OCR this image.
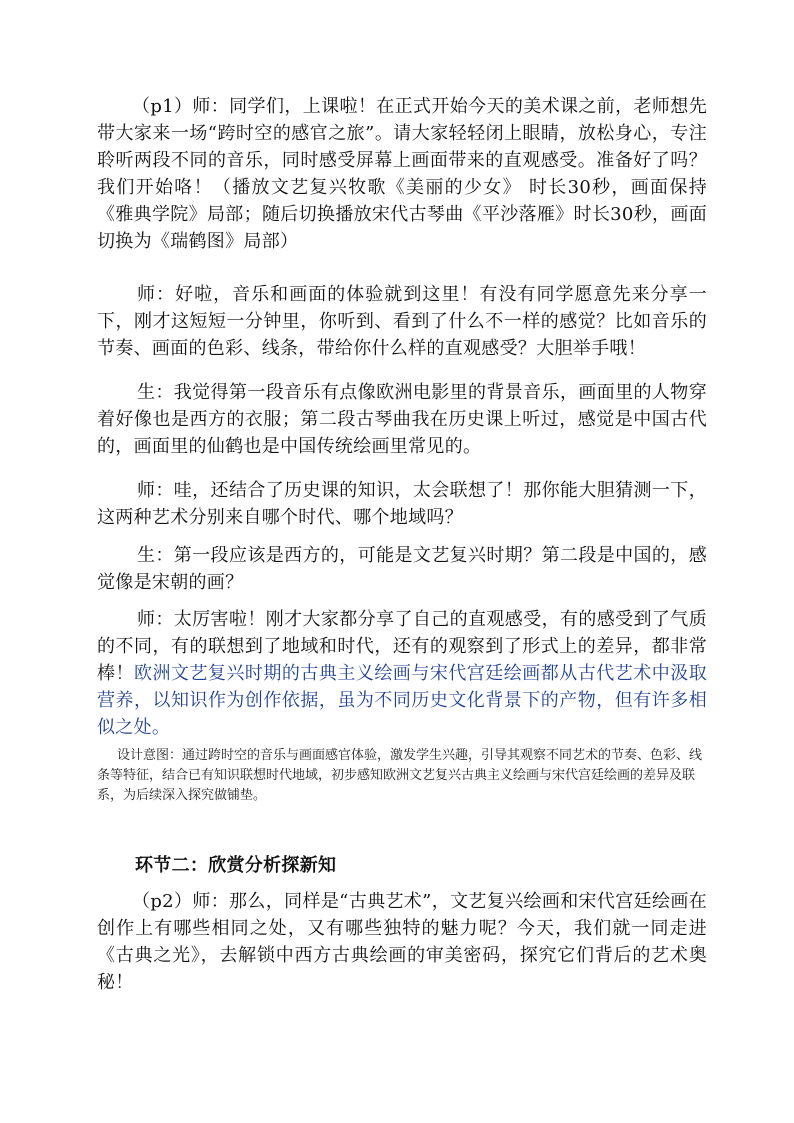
（p1）师：同学们，上课啦！在正式开始今天的美术课之前，老师想先带大家来一场“跨时空的感官之旅”。请大家轻轻闭上眼睛，放松身心，专注聆听两段不同的音乐，同时感受屏幕上画面带来的直观感受。准备好了吗？我们开始咯！（播放文艺复兴牧歌《美丽的少女》 时长30秒，画面保持《雅典学院》局部；随后切换播放宋代古琴曲《平沙落雁》时长30秒，画面切换为《瑞鹤图》局部）

师：好啦，音乐和画面的体验就到这里！有没有同学愿意先来分享一下，刚才这短短一分钟里，你听到、看到了什么不一样的感觉？比如音乐的节奏、画面的色彩、线条，带给你什么样的直观感受？大胆举手哦！

生：我觉得第一段音乐有点像欧洲电影里的背景音乐，画面里的人物穿着好像也是西方的衣服；第二段古琴曲我在历史课上听过，感觉是中国古代的，画面里的仙鹤也是中国传统绘画里常见的。

师：哇，还结合了历史课的知识，太会联想了！那你能大胆猜测一下，这两种艺术分别来自哪个时代、哪个地域吗？

生：第一段应该是西方的，可能是文艺复兴时期？第二段是中国的，感觉像是宋朝的画？

师：太厉害啦！刚才大家都分享了自己的直观感受，有的感受到了气质的不同，有的联想到了地域和时代，还有的观察到了形式上的差异，都非常棒！欧洲文艺复兴时期的古典主义绘画与宋代宫廷绘画都从古代艺术中汲取营养，以知识作为创作依据，虽为不同历史文化背景下的产物，但有许多相似之处。

设计意图：通过跨时空的音乐与画面感官体验，激发学生兴趣，引导其观察不同艺术的节奏、色彩、线条等特征，结合已有知识联想时代地域，初步感知欧洲文艺复兴古典主义绘画与宋代宫廷绘画的差异及联系，为后续深入探究做铺垫。

环节二：欣赏分析探新知

（p2）师：那么，同样是“古典艺术”，文艺复兴绘画和宋代宫廷绘画在创作上有哪些相同之处，又有哪些独特的魅力呢？今天，我们就一同走进《古典之光》，去解锁中西方古典绘画的审美密码，探究它们背后的艺术奥秘！
